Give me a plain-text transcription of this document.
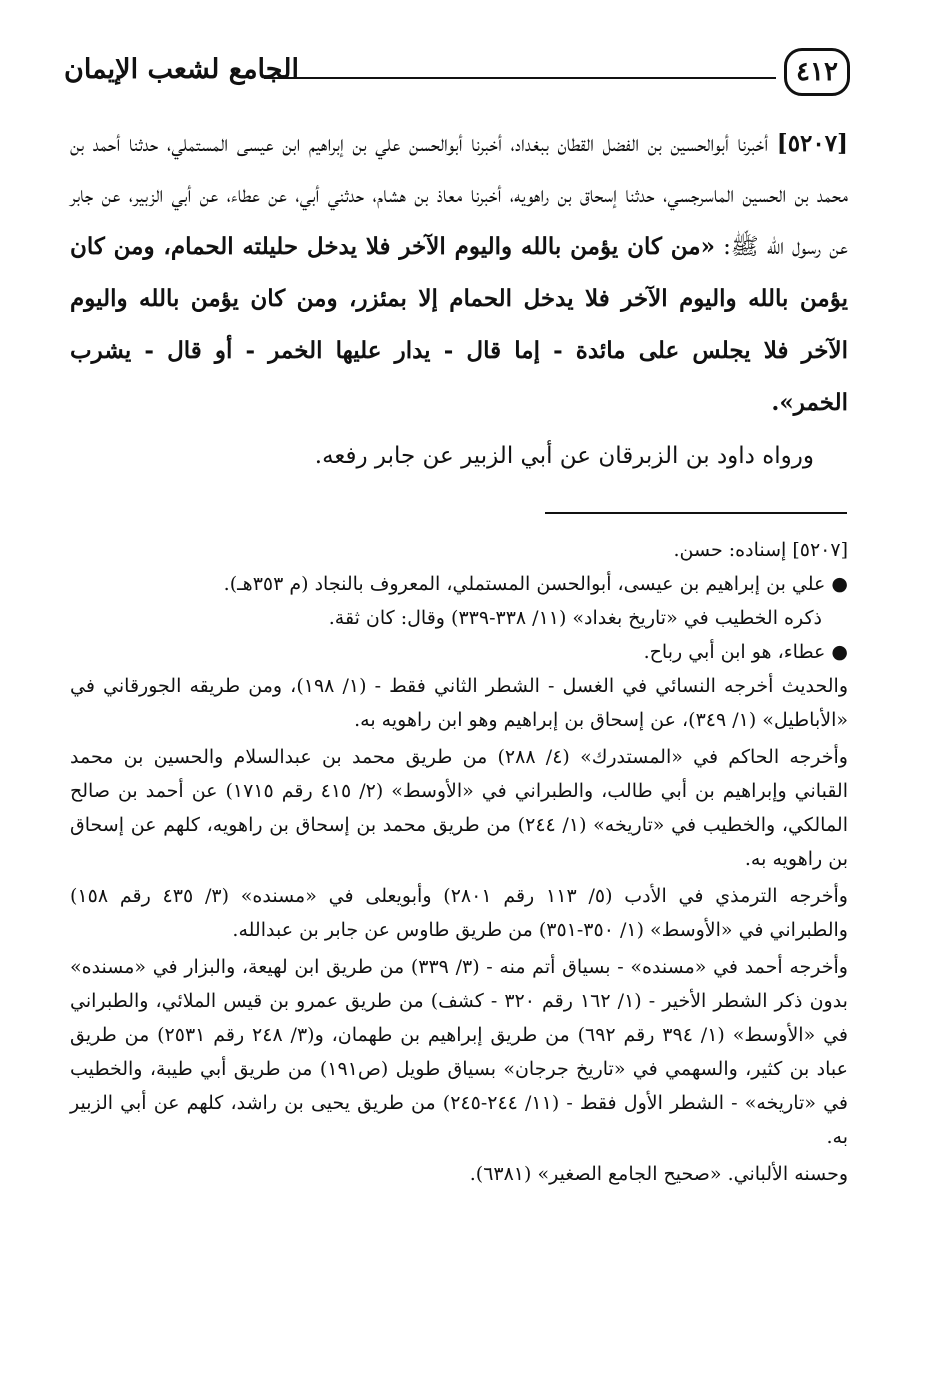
الجامع لشعب الإيمان	٤١٢

[٥٢٠٧] أخبرنا أبوالحسين بن الفضل القطان ببغداد، أخبرنا أبوالحسن علي بن إبراهيم ابن عيسى المستملي، حدثنا أحمد بن محمد بن الحسين الماسرجسي، حدثنا إسحاق بن راهويه، أخبرنا معاذ بن هشام، حدثني أبي، عن عطاء، عن أبي الزبير، عن جابر عن رسول الله ﷺ: «من كان يؤمن بالله واليوم الآخر فلا يدخل حليلته الحمام، ومن كان يؤمن بالله واليوم الآخر فلا يدخل الحمام إلا بمئزر، ومن كان يؤمن بالله واليوم الآخر فلا يجلس على مائدة - إما قال - يدار عليها الخمر - أو قال - يشرب الخمر».

ورواه داود بن الزبرقان عن أبي الزبير عن جابر رفعه.

[٥٢٠٧] إسناده: حسن.

● علي بن إبراهيم بن عيسى، أبوالحسن المستملي، المعروف بالنجاد (م ٣٥٣هـ).

ذكره الخطيب في «تاريخ بغداد» (١١/ ٣٣٨-٣٣٩) وقال: كان ثقة.

● عطاء، هو ابن أبي رباح.

والحديث أخرجه النسائي في الغسل - الشطر الثاني فقط - (١/ ١٩٨)، ومن طريقه الجورقاني في «الأباطيل» (١/ ٣٤٩)، عن إسحاق بن إبراهيم وهو ابن راهويه به.

وأخرجه الحاكم في «المستدرك» (٤/ ٢٨٨) من طريق محمد بن عبدالسلام والحسين بن محمد القباني وإبراهيم بن أبي طالب، والطبراني في «الأوسط» (٢/ ٤١٥ رقم ١٧١٥) عن أحمد بن صالح المالكي، والخطيب في «تاريخه» (١/ ٢٤٤) من طريق محمد بن إسحاق بن راهويه، كلهم عن إسحاق بن راهويه به.

وأخرجه الترمذي في الأدب (٥/ ١١٣ رقم ٢٨٠١) وأبويعلى في «مسنده» (٣/ ٤٣٥ رقم ١٥٨) والطبراني في «الأوسط» (١/ ٣٥٠-٣٥١) من طريق طاوس عن جابر بن عبدالله.

وأخرجه أحمد في «مسنده» - بسياق أتم منه - (٣/ ٣٣٩) من طريق ابن لهيعة، والبزار في «مسنده» بدون ذكر الشطر الأخير - (١/ ١٦٢ رقم ٣٢٠ - كشف) من طريق عمرو بن قيس الملائي، والطبراني في «الأوسط» (١/ ٣٩٤ رقم ٦٩٢) من طريق إبراهيم بن طهمان، و(٣/ ٢٤٨ رقم ٢٥٣١) من طريق عباد بن كثير، والسهمي في «تاريخ جرجان» بسياق طويل (ص١٩١) من طريق أبي طيبة، والخطيب في «تاريخه» - الشطر الأول فقط - (١١/ ٢٤٤-٢٤٥) من طريق يحيى بن راشد، كلهم عن أبي الزبير به.

وحسنه الألباني. «صحيح الجامع الصغير» (٦٣٨١).
